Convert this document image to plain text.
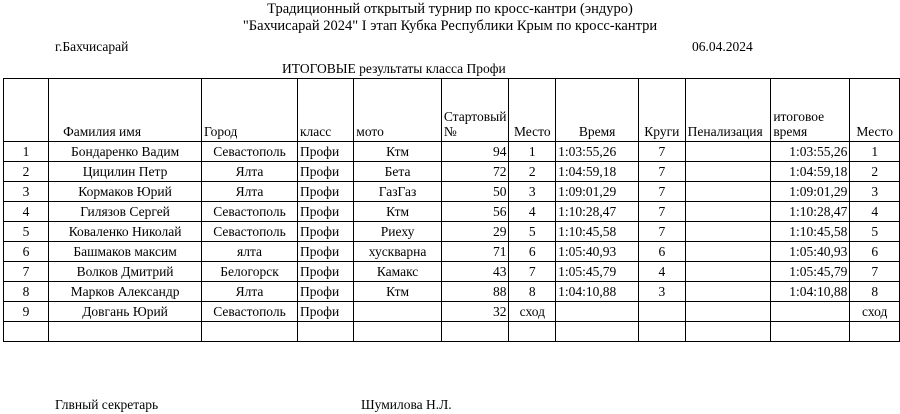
Традиционный открытый турнир по кросс-кантри (эндуро)
"Бахчисарай 2024" I этап Кубка Республики Крым по кросс-кантри
г.Бахчисарай	06.04.2024
ИТОГОВЫЕ результаты класса Профи
	Фамилия имя	Город	класс	мото	Стартовый №	Место	Время	Круги	Пенализация	итоговое время	Место
1	Бондаренко Вадим	Севастополь	Профи	Ктм	94	1	1:03:55,26	7		1:03:55,26	1
2	Цицилин Петр	Ялта	Профи	Бета	72	2	1:04:59,18	7		1:04:59,18	2
3	Кормаков Юрий	Ялта	Профи	ГазГаз	50	3	1:09:01,29	7		1:09:01,29	3
4	Гилязов Сергей	Севастополь	Профи	Ктм	56	4	1:10:28,47	7		1:10:28,47	4
5	Коваленко Николай	Севастополь	Профи	Риеху	29	5	1:10:45,58	7		1:10:45,58	5
6	Башмаков максим	ялта	Профи	хускварна	71	6	1:05:40,93	6		1:05:40,93	6
7	Волков Дмитрий	Белогорск	Профи	Камакс	43	7	1:05:45,79	4		1:05:45,79	7
8	Марков Александр	Ялта	Профи	Ктм	88	8	1:04:10,88	3		1:04:10,88	8
9	Довгань Юрий	Севастополь	Профи		32	сход					сход

Глвный секретарь	Шумилова Н.Л.
